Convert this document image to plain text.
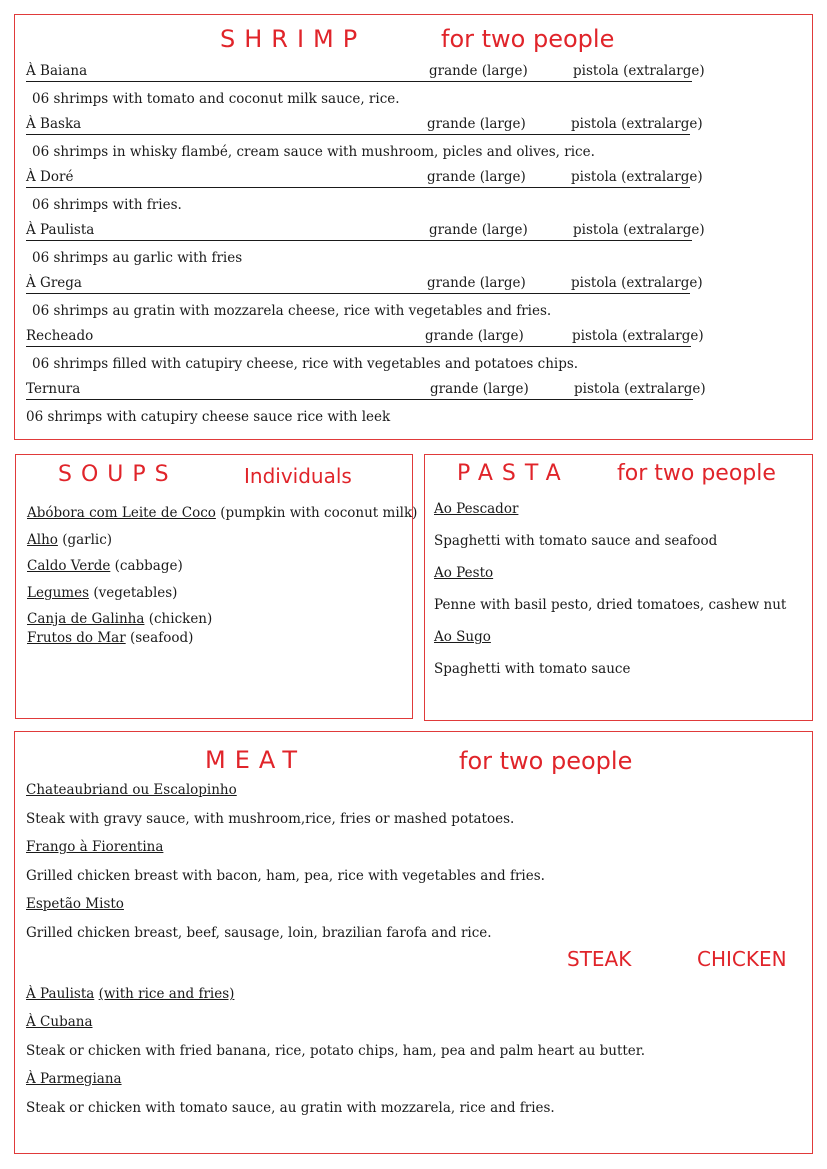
SHRIMP	for two people
À Baiana	grande (large)	pistola (extralarge)
06 shrimps with tomato and coconut milk sauce, rice.
À Baska	grande (large)	pistola (extralarge)
06 shrimps in whisky flambé, cream sauce with mushroom, picles and olives, rice.
À Doré	grande (large)	pistola (extralarge)
06 shrimps with fries.
À Paulista	grande (large)	pistola (extralarge)
06 shrimps au garlic with fries
À Grega	grande (large)	pistola (extralarge)
06 shrimps au gratin with mozzarela cheese, rice with vegetables and fries.
Recheado	grande (large)	pistola (extralarge)
06 shrimps filled with catupiry cheese, rice with vegetables and potatoes chips.
Ternura	grande (large)	pistola (extralarge)
06 shrimps with catupiry cheese sauce rice with leek
SOUPS	Individuals
Abóbora com Leite de Coco (pumpkin with coconut milk)
Alho (garlic)
Caldo Verde (cabbage)
Legumes (vegetables)
Canja de Galinha (chicken)
Frutos do Mar (seafood)
PASTA for two people
Ao Pescador
Spaghetti with tomato sauce and seafood
Ao Pesto
Penne with basil pesto, dried tomatoes, cashew nut
Ao Sugo
Spaghetti with tomato sauce
MEAT	for two people
Chateaubriand ou Escalopinho
Steak with gravy sauce, with mushroom,rice, fries or mashed potatoes.
Frango à Fiorentina
Grilled chicken breast with bacon, ham, pea, rice with vegetables and fries.
Espetão Misto
Grilled chicken breast, beef, sausage, loin, brazilian farofa and rice.
STEAK	CHICKEN
À Paulista (with rice and fries)
À Cubana
Steak or chicken with fried banana, rice, potato chips, ham, pea and palm heart au butter.
À Parmegiana
Steak or chicken with tomato sauce, au gratin with mozzarela, rice and fries.
